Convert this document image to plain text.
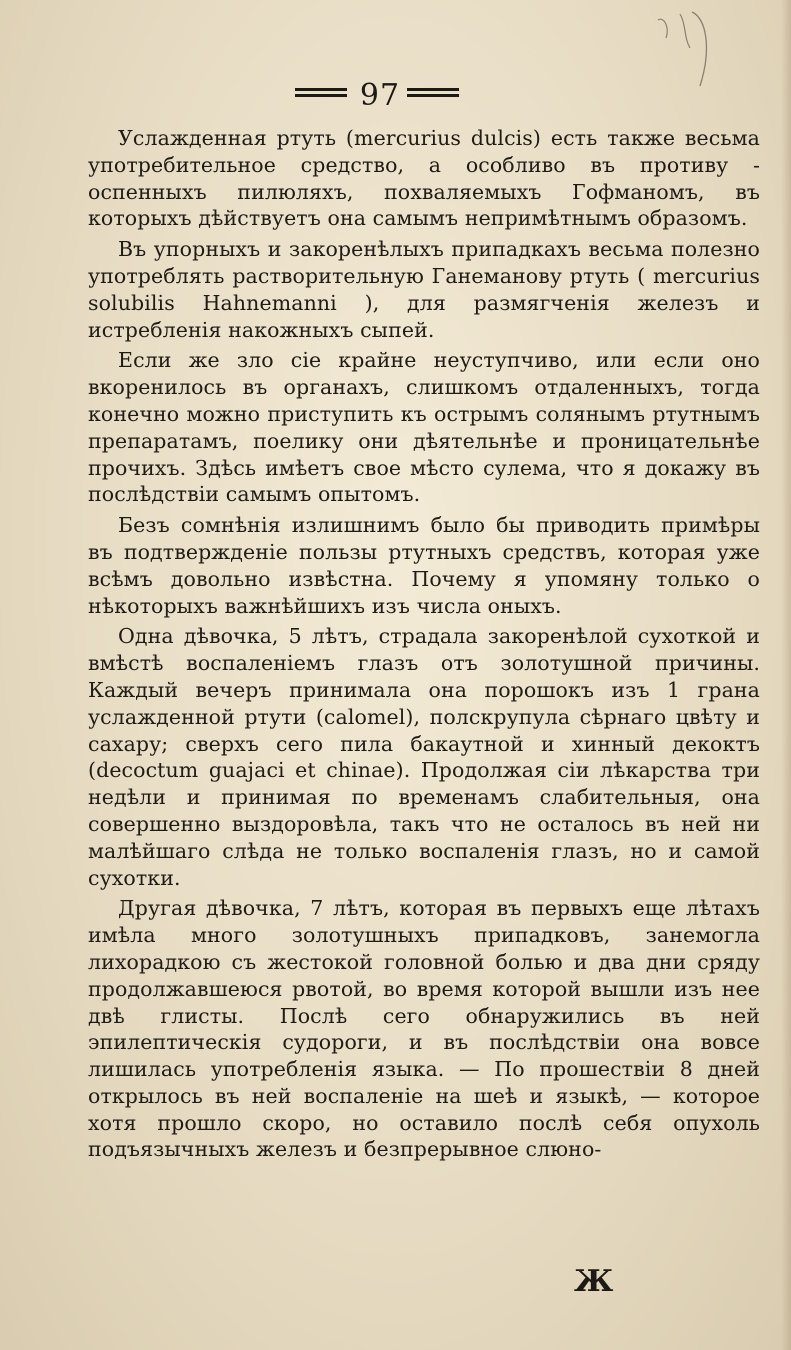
97

Услажденная ртуть (mercurius dulcis) есть также весьма употребительное средство, а особливо въ противу - оспенныхъ пилюляхъ, похваляемыхъ Гофманомъ, въ которыхъ дѣйствуетъ она самымъ непримѣтнымъ образомъ.

Въ упорныхъ и закоренѣлыхъ припадкахъ весьма полезно употреблять растворительную Ганеманову ртуть ( mercurius solubilis Hahnemanni ), для размягченія железъ и истребленія накожныхъ сыпей.

Если же зло сіе крайне неуступчиво, или если оно вкоренилось въ органахъ, слишкомъ отдаленныхъ, тогда конечно можно приступить къ острымъ солянымъ ртутнымъ препаратамъ, поелику они дѣятельнѣе и проницательнѣе прочихъ. Здѣсь имѣетъ свое мѣсто сулема, что я докажу въ послѣдствіи самымъ опытомъ.

Безъ сомнѣнія излишнимъ было бы приводить примѣры въ подтвержденіе пользы ртутныхъ средствъ, которая уже всѣмъ довольно извѣстна. Почему я упомяну только о нѣкоторыхъ важнѣйшихъ изъ числа оныхъ.

Одна дѣвочка, 5 лѣтъ, страдала закоренѣлой сухоткой и вмѣстѣ воспаленіемъ глазъ отъ золотушной причины. Каждый вечеръ принимала она порошокъ изъ 1 грана услажденной ртути (calomel), полскрупула сѣрнаго цвѣту и сахару; сверхъ сего пила бакаутной и хинный декоктъ (decoctum guajaci et chinae). Продолжая сіи лѣкарства три недѣли и принимая по временамъ слабительныя, она совершенно выздоровѣла, такъ что не осталось въ ней ни малѣйшаго слѣда не только воспаленія глазъ, но и самой сухотки.

Другая дѣвочка, 7 лѣтъ, которая въ первыхъ еще лѣтахъ имѣла много золотушныхъ припадковъ, занемогла лихорадкою съ жестокой головной болью и два дни сряду продолжавшеюся рвотой, во время которой вышли изъ нее двѣ глисты. Послѣ сего обнаружились въ ней эпилептическія судороги, и въ послѣдствіи она вовсе лишилась употребленія языка. — По прошествіи 8 дней открылось въ ней воспаленіе на шеѣ и языкѣ, — которое хотя прошло скоро, но оставило послѣ себя опухоль подъязычныхъ железъ и безпрерывное слюно-

Ж
